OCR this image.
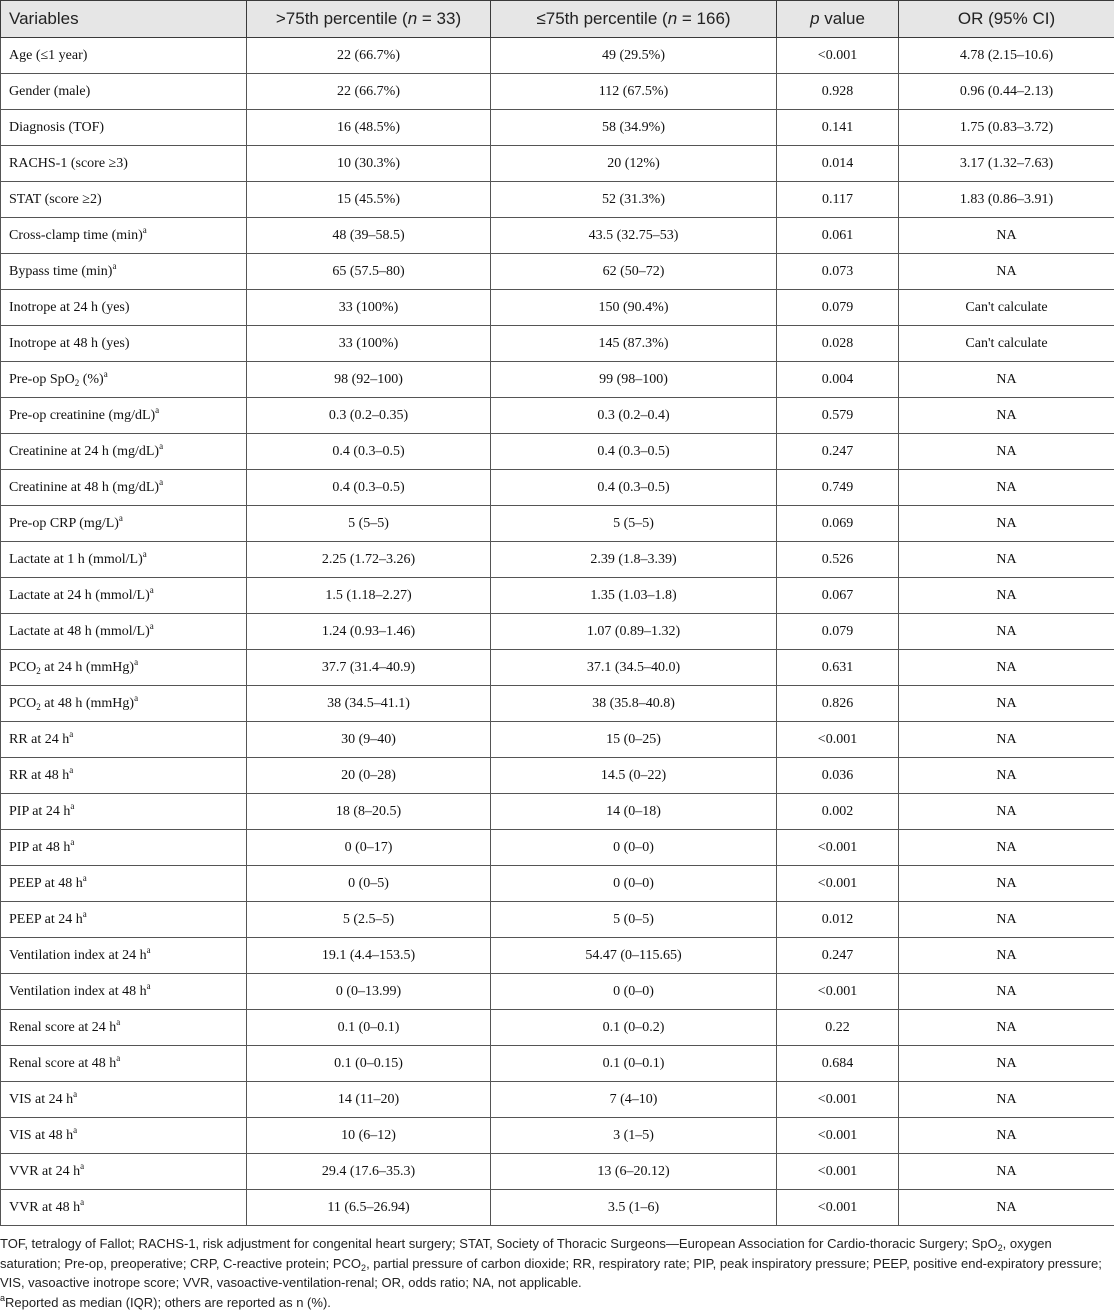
Variables	>75th percentile (n = 33)	≤75th percentile (n = 166)	p value	OR (95% CI)
Age (≤1 year)	22 (66.7%)	49 (29.5%)	<0.001	4.78 (2.15–10.6)
Gender (male)	22 (66.7%)	112 (67.5%)	0.928	0.96 (0.44–2.13)
Diagnosis (TOF)	16 (48.5%)	58 (34.9%)	0.141	1.75 (0.83–3.72)
RACHS-1 (score ≥3)	10 (30.3%)	20 (12%)	0.014	3.17 (1.32–7.63)
STAT (score ≥2)	15 (45.5%)	52 (31.3%)	0.117	1.83 (0.86–3.91)
Cross-clamp time $(\min)^a$	48 (39–58.5)	43.5 (32.75–53)	0.061	NA
Bypass time $(\min)^a$	65 (57.5–80)	62 (50–72)	0.073	NA
Inotrope at 24 h (yes)	33 (100%)	150 (90.4%)	0.079	Can't calculate
Inotrope at 48 h (yes)	33 (100%)	145 (87.3%)	0.028	Can't calculate
Pre-op SpO$_2$ (%)$^a$	98 (92–100)	99 (98–100)	0.004	NA
Pre-op creatinine $(mg/dL)^a$	0.3 (0.2–0.35)	0.3 (0.2–0.4)	0.579	NA
Creatinine at 24 h $(mg/dL)^a$	0.4 (0.3–0.5)	0.4 (0.3–0.5)	0.247	NA
Creatinine at 48 h $(mg/dL)^a$	0.4 (0.3–0.5)	0.4 (0.3–0.5)	0.749	NA
Pre-op CRP $(mg/L)^a$	5 (5–5)	5 (5–5)	0.069	NA
Lactate at 1 h (mmol/L)$^a$	2.25 (1.72–3.26)	2.39 (1.8–3.39)	0.526	NA
Lactate at 24 h (mmol/L)$^a$	1.5 (1.18–2.27)	1.35 (1.03–1.8)	0.067	NA
Lactate at 48 h (mmol/L)$^a$	1.24 (0.93–1.46)	1.07 (0.89–1.32)	0.079	NA
$PCO_2$ at 24 h (mmHg)$^a$	37.7 (31.4–40.9)	37.1 (34.5–40.0)	0.631	NA
$PCO_2$ at 48 h (mmHg)$^a$	38 (34.5–41.1)	38 (35.8–40.8)	0.826	NA
RR at 24 $h^a$	30 (9–40)	15 (0–25)	<0.001	NA
RR at 48 $h^a$	20 (0–28)	14.5 (0–22)	0.036	NA
PIP at 24 $h^a$	18 (8–20.5)	14 (0–18)	0.002	NA
PIP at 48 $h^a$	0 (0–17)	0 (0–0)	<0.001	NA
PEEP at 48 $h^a$	0 (0–5)	0 (0–0)	<0.001	NA
PEEP at 24 $h^a$	5 (2.5–5)	5 (0–5)	0.012	NA
Ventilation index at 24 $h^a$	19.1 (4.4–153.5)	54.47 (0–115.65)	0.247	NA
Ventilation index at 48 $h^a$	0 (0–13.99)	0 (0–0)	<0.001	NA
Renal score at 24 $h^a$	0.1 (0–0.1)	0.1 (0–0.2)	0.22	NA
Renal score at 48 $h^a$	0.1 (0–0.15)	0.1 (0–0.1)	0.684	NA
VIS at 24 $h^a$	14 (11–20)	7 (4–10)	<0.001	NA
VIS at 48 $h^a$	10 (6–12)	3 (1–5)	<0.001	NA
VVR at 24 $h^a$	29.4 (17.6–35.3)	13 (6–20.12)	<0.001	NA
VVR at 48 $h^a$	11 (6.5–26.94)	3.5 (1–6)	<0.001	NA

TOF, tetralogy of Fallot; RACHS-1, risk adjustment for congenital heart surgery; STAT, Society of Thoracic Surgeons—European Association for Cardio-thoracic Surgery; SpO$_2$, oxygen saturation; Pre-op, preoperative; CRP, C-reactive protein; $PCO_2$, partial pressure of carbon dioxide; RR, respiratory rate; PIP, peak inspiratory pressure; PEEP, positive end-expiratory pressure; VIS, vasoactive inotrope score; VVR, vasoactive-ventilation-renal; OR, odds ratio; NA, not applicable.

$^a$Reported as median (IQR); others are reported as n (%).
